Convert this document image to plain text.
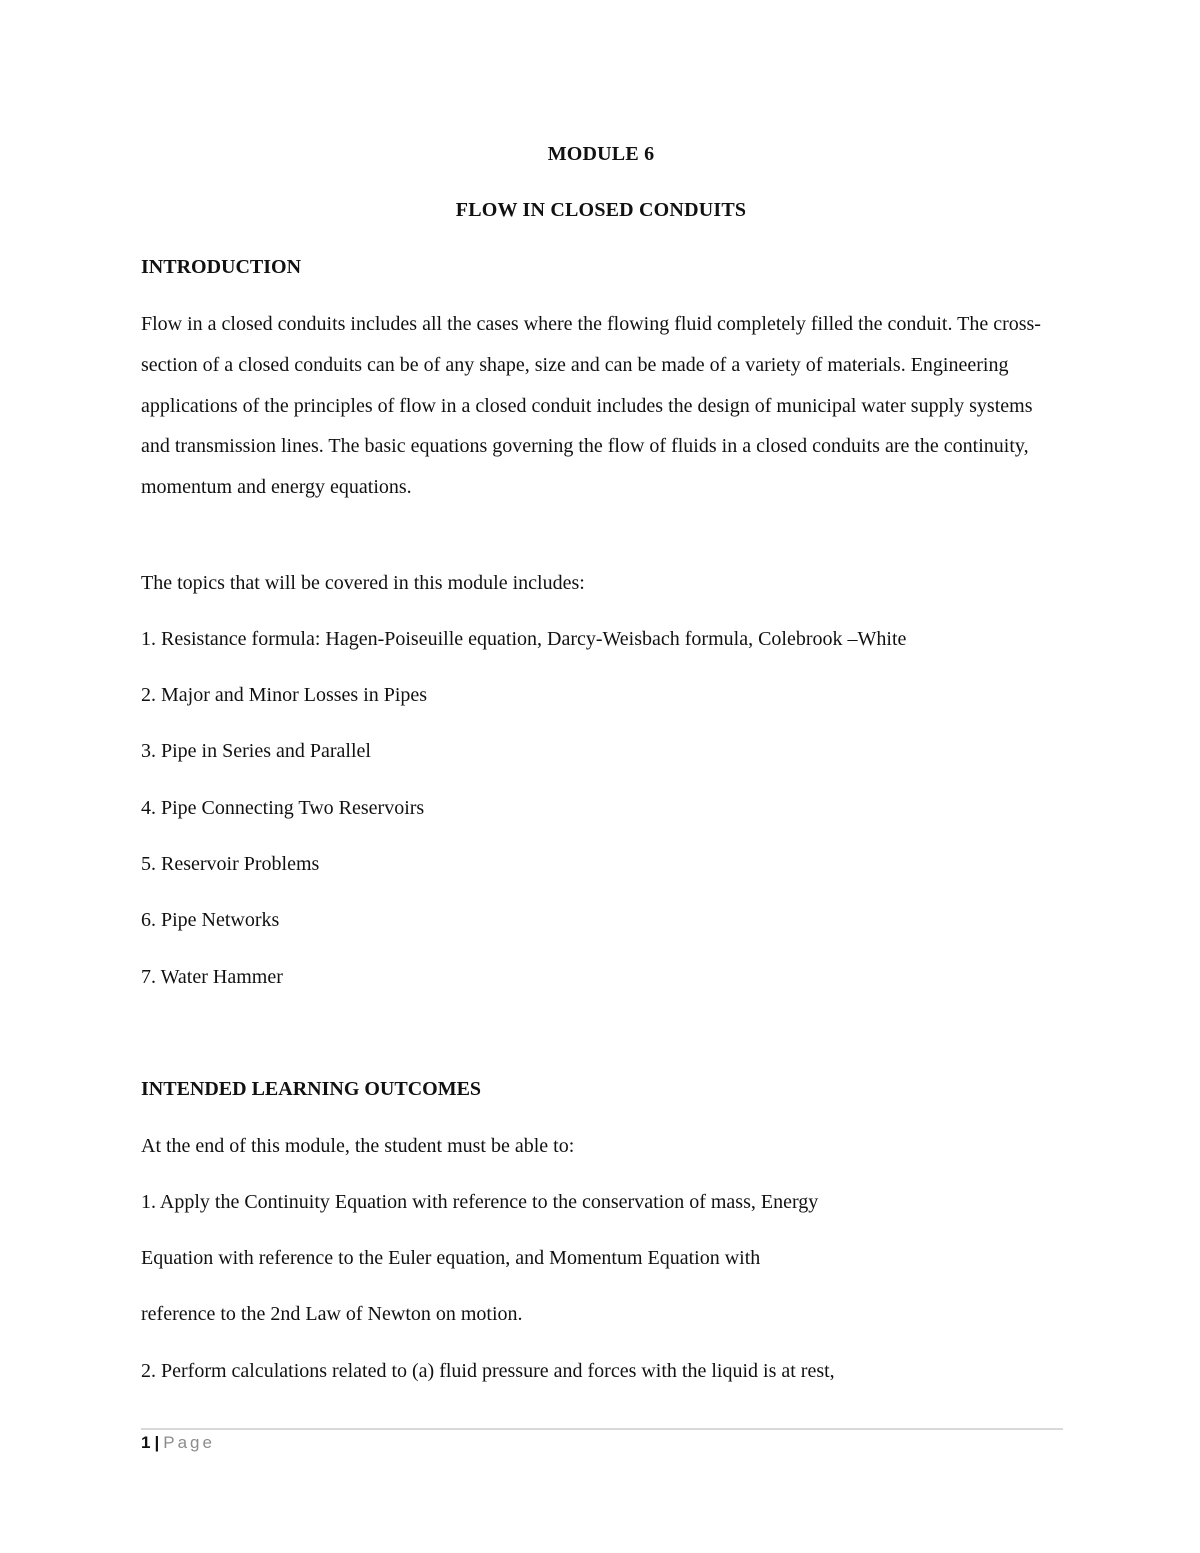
MODULE 6
FLOW IN CLOSED CONDUITS
INTRODUCTION

Flow in a closed conduits includes all the cases where the flowing fluid completely filled the conduit. The cross-section of a closed conduits can be of any shape, size and can be made of a variety of materials. Engineering applications of the principles of flow in a closed conduit includes the design of municipal water supply systems and transmission lines. The basic equations governing the flow of fluids in a closed conduits are the continuity, momentum and energy equations.

The topics that will be covered in this module includes:
1. Resistance formula: Hagen-Poiseuille equation, Darcy-Weisbach formula, Colebrook –White
2. Major and Minor Losses in Pipes
3. Pipe in Series and Parallel
4. Pipe Connecting Two Reservoirs
5. Reservoir Problems
6. Pipe Networks
7. Water Hammer
INTENDED LEARNING OUTCOMES
At the end of this module, the student must be able to:
1. Apply the Continuity Equation with reference to the conservation of mass, Energy
Equation with reference to the Euler equation, and Momentum Equation with
reference to the 2nd Law of Newton on motion.
2. Perform calculations related to (a) fluid pressure and forces with the liquid is at rest,
1 | Page
